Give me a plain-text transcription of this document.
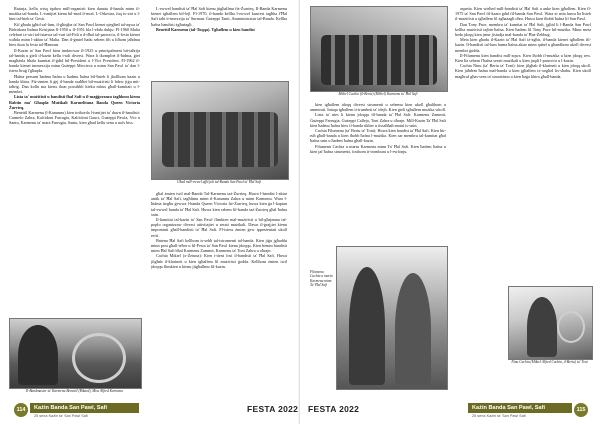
Rutarja, kellu wisq tqabza mill-organisti kien daanta il-banda minn il-mużika tal-banda. L-ismijiet kienu bil-mod il-mod. L-Orkestra, fuq ix-xiri u l-bini tal-bieb ta' Ġesù.

Kif għadu jgħid sal-lum, il-għoġba ta' San Pawl kienet qiegħed tal-aqwa ta' Birkirkara ħidma Kristjana fl-1950 u fl-1951 bla l-ebda dubju. Fl-1960 Malta ċelebrat ix-xiri tal-istatwa tal-vari tal-Fidi u d-dħul tal-parroċċa, il-festa kienet waħda minn l-akbar ta' Malta. Dan il-ġmiel ħadu sehem fih u lilhom jaħdmu biex tkun la festa tal-Ħamrun.

Il-Kazin ta' San Pawl kien imdawwar fl-1925 u prinċipalment bit-taħrija tal-banda u ġieli il-kazin kellu t-tali diversi. Wara li tkompliet il-ħidma, ġiet magħżula bħala kumitat il-ġdid bil-President u l-Vici President. Fl-1962 il-banda kienet immexxija minn Ġużeppi Mercieca u minn San Pawl ta' dan l-istess ħruġ f'għaqda.

Ħafna persuni ħadmu ħafna u ħadmu ħafna bil-ħsieb li jkollhom kazin u banda kbira. Fiż-żmien li ġej il-banda ssaħħet bil-mużiċisti li bdew jiġu mit-taħriġ. Dan kollu ma kienx ikun possibbli kieku mhux għall-kumitati u l-membri.

Lista ta' mużiċisti u bandisti fhal Safi u il-maġġoranza tagħhom kienu Rabtin ma' Għaqda Mużikali Karmelitana Banda Queen Victoria Żurrieq.

Benettil Karmenu (l-Kanunnu) kien irrikorda l-ismijiet ta' dawn il-bandisti: Carmelo Zahra, Kalċidoni Farrugia, Kalċidoni Gauci, Ġużeppi Pawla, Vici u Santu, Karmenu ta' mara Farrugia, Santu, kien għad kellu sena u nofs biss.

Il-Bandmaster ta' Karmenu Benettil (Rikard), Miss Alfred Karmenu
Uħud mill-ewwel uffiċjali tal-Banda San Pawl ta' Ħal Safi

L-ewwel bandisti ta' Ħal Safi kienu jitgħallmu fiż-Żurrieq. Il-Banda Karmenu kienet tgħallem bil-lejl. Fl-1970, il-banda kellha l-ewwel kunċert tagħha f'Ħal Safi taħt it-tmexxija ta' Surmast Ġużeppi Tanti, Amministratur tal-Banda. Kellha ħafna bandisti żgħażagħ.

Benettil Karmenu (tal-Toqqa). Tgħallem u kien bandist

għal żmien twil mal-Banda Tal-Karmenu taż-Żurrieq. Huwa l-bandist l-aktar antik ta' Ħal Safi, tagħlimu minn il-Kanunnu Zahra u minn Karmenu. Wara l-ħidma tiegħu ġewwa l-banda Queen Victoria fiż-Żurrieq, huwa kien ġa l-kaptan tal-ewwel banda ta' Ħal Safi. Huwa kien sehem fil-banda taż-Żurrieq għal ħafna snin.

Il-kumitat tal-kazin ta' San Pawl flimkien mal-mużiċisti u bil-għajnuna tal-poplu organizzaw diversi attivitajiet u serati mużikali. Dawn il-ġrajjiet kienu importanti għall-bandisti ta' Ħal Safi. Fl-istess żmien ġew ippreżentati ukoll reċti.

Bniena Ħal Safi kellhom is-sebħ tal-istrumenti tal-banda. Kien jiġu jgħaddu minn post għall-ieħor u fil-Festa ta' San Pawl kienu jdoqqu. Kien hemm bandisti minn Ħal Safi bħal Karmenu Zammit, Karmenu ta' Toni Zahra u oħrajn.

Cachia Mikiel (x-Żetuna): Kien t-tieni fost il-bandisti ta' Ħal Safi. Huwa jilgħab il-klarinett u kien igħallem lil mużiċisti ġodda. Kellhom żmien twil jdoqqu flimkien u kienu jitgħallmu fil-kazin.

114	Każin Banda San Pawl, Safi
25 sena Każin ta' San Pawl Safi
FESTA 2022
Mikiel Cachia (il-Bertu) (Mikiel) Karmenu ta' Ħal Safi

kien tgħallem idoqq diversi strumenti u sehemu kien ukoll għalihom u ammirati. Intaqa tgħallem it-trumbett ta' idejh. Kien ġieli tgħallem mużika wkoll.

Lista ta' nies li kienu jdoqqu fil-banda ta' Ħal Safi: Karmenu Zammit, Ġużeppi Farrugia, Ġużeppi Calleja, Toni Zahra u oħrajn. Mill-Kazin Ta' Ħal Safi kien ħadmu ħafna biex il-banda tikber u tissaħħaħ matul is-snin.

Cachia Filumenu (ta' Bertu ta' Toni): Huwa kien bandist ta' Ħal Safi. Kien bir-ruħ għall-banda u kien iħobb ħafna l-mużika. Kien sar membru tal-kumitat għal ħafna snin u ħadem ħafna għall-kazin.

Filumenu Cachia u martu Karmena minn Ta' Ħal Safi. Kien ħadem ħafna u kien jaf ħafna strumenti, fosthom it-trombuni u l-ewfonju.

Filumenu Cachia u martu Karmena minn Ta' Ħal Safi

aspetta. Kien wieħed mill-bandisti ta' Ħal Safi u anke kien jgħallem. Kien fl-1975 ta' San Pawl fil-kazin ġdid fil-banda San Pawl. Wara xi snin huwa ħa ħsieb il-mużiċisti u tgħallem lil żgħażagħ oħra. Huwa kien iħobb ħafna lil San Pawl.

Dan Tony Pace, membru ta' kumitat ta' Ħal Safi, jgħid li l-Banda San Pawl kellha mużiċisti tajbin ħafna. Kien ħadem lil Tony Pace bil-mużika. Minn meta beda jdoqq kien jmur jistudja mal-banda ta' Ħaż-Żebbuġ.

Meta kien għadu il-Kazin ta' Ħal Safi iż-żgħir, il-banda kienet tgħallem fil-kazin. Il-bandisti tal-lum huma ħafna aktar minn qabel u għandhom ukoll diversi membri ġodda.

Il-Filumenu kien bandist mill-aqwa. Kien iħobb il-mużika u kien jdoqq sew. Kien ħa sehem f'ħafna serati mużikali u kien jaqdi l-parroċċa u l-kazin.

Cachia Ninu (ta' Bertu ta' Toni): kien jilgħab il-klarinett u kien jdoqq ukoll. Kien jaħdem ħafna mal-banda u kien jgħallem ix-xogħol lis-sħabu. Kien ukoll magħruf għas-sens ta' umoriżmu u kien ħaġa kbira għall-banda.

Ninu Cachia (Mikiel Alfred Cachia, il-Bertu) ta' Toni
FESTA 2022	Każin Banda San Pawl, Safi
25 sena Każin ta' San Pawl Safi
115
